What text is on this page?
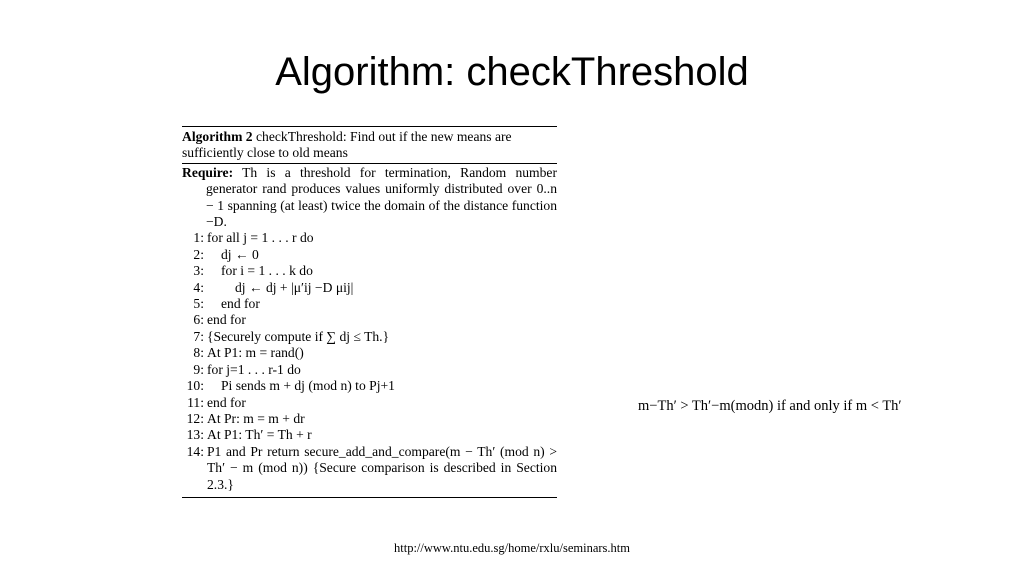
Algorithm: checkThreshold
Algorithm 2 checkThreshold: Find out if the new means are sufficiently close to old means
Require: Th is a threshold for termination, Random number generator rand produces values uniformly distributed over 0..n − 1 spanning (at least) twice the domain of the distance function −D.
1: for all j = 1 . . . r do
2:	dj ← 0
3:	for i = 1 . . . k do
4:	dj ← dj + |μ′ij −D μij|
5:	end for
6: end for
7: {Securely compute if ∑ dj ≤ Th.}
8: At P1: m = rand()
9: for j=1 . . . r-1 do
10:	Pi sends m + dj (mod n) to Pj+1
11: end for
12: At Pr: m = m + dr
13: At P1: Th′ = Th + r
14: P1 and Pr return secure_add_and_compare(m − Th′ (mod n) > Th′ − m (mod n)) {Secure comparison is described in Section 2.3.}
m−Th′ > Th′−m(modn) if and only if m < Th′
http://www.ntu.edu.sg/home/rxlu/seminars.htm
